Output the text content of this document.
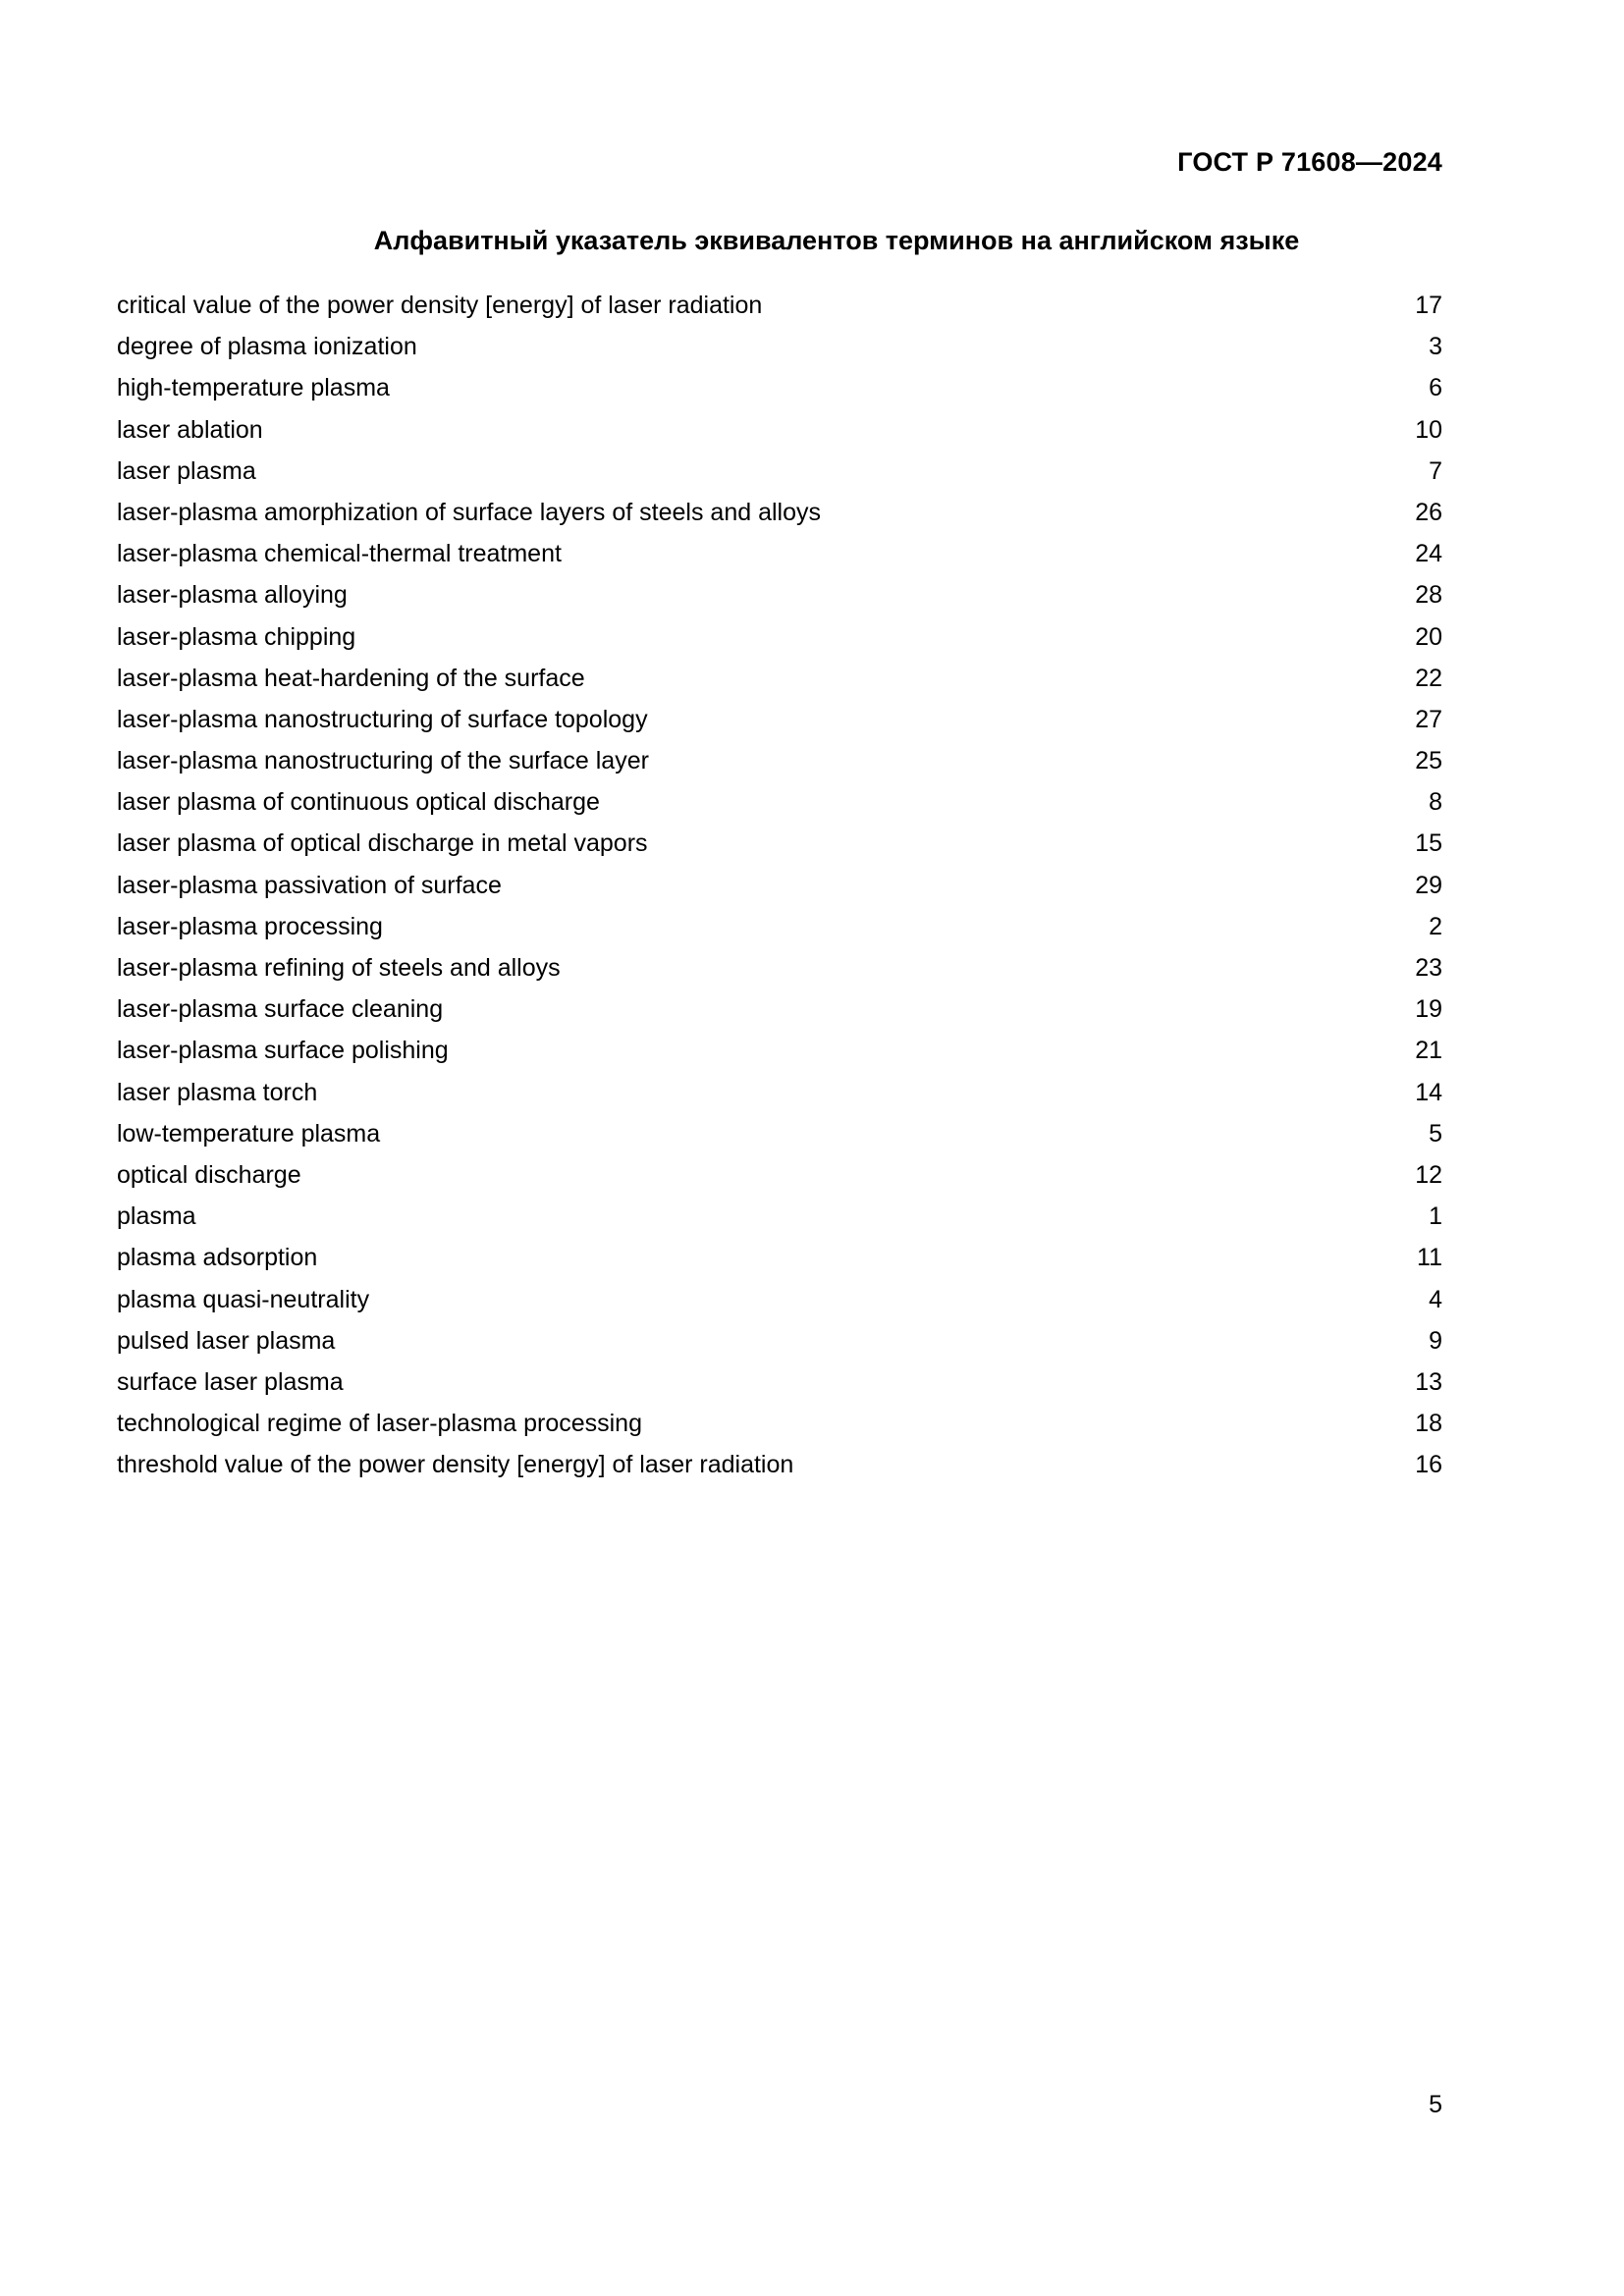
ГОСТ Р 71608—2024
Алфавитный указатель эквивалентов терминов на английском языке
critical value of the power density [energy] of laser radiation	17
degree of plasma ionization	3
high-temperature plasma	6
laser ablation	10
laser plasma	7
laser-plasma amorphization of surface layers of steels and alloys	26
laser-plasma chemical-thermal treatment	24
laser-plasma alloying	28
laser-plasma chipping	20
laser-plasma heat-hardening of the surface	22
laser-plasma nanostructuring of surface topology	27
laser-plasma nanostructuring of the surface layer	25
laser plasma of continuous optical discharge	8
laser plasma of optical discharge in metal vapors	15
laser-plasma passivation of surface	29
laser-plasma processing	2
laser-plasma refining of steels and alloys	23
laser-plasma surface cleaning	19
laser-plasma surface polishing	21
laser plasma torch	14
low-temperature plasma	5
optical discharge	12
plasma	1
plasma adsorption	11
plasma quasi-neutrality	4
pulsed laser plasma	9
surface laser plasma	13
technological regime of laser-plasma processing	18
threshold value of the power density [energy] of laser radiation	16
5
